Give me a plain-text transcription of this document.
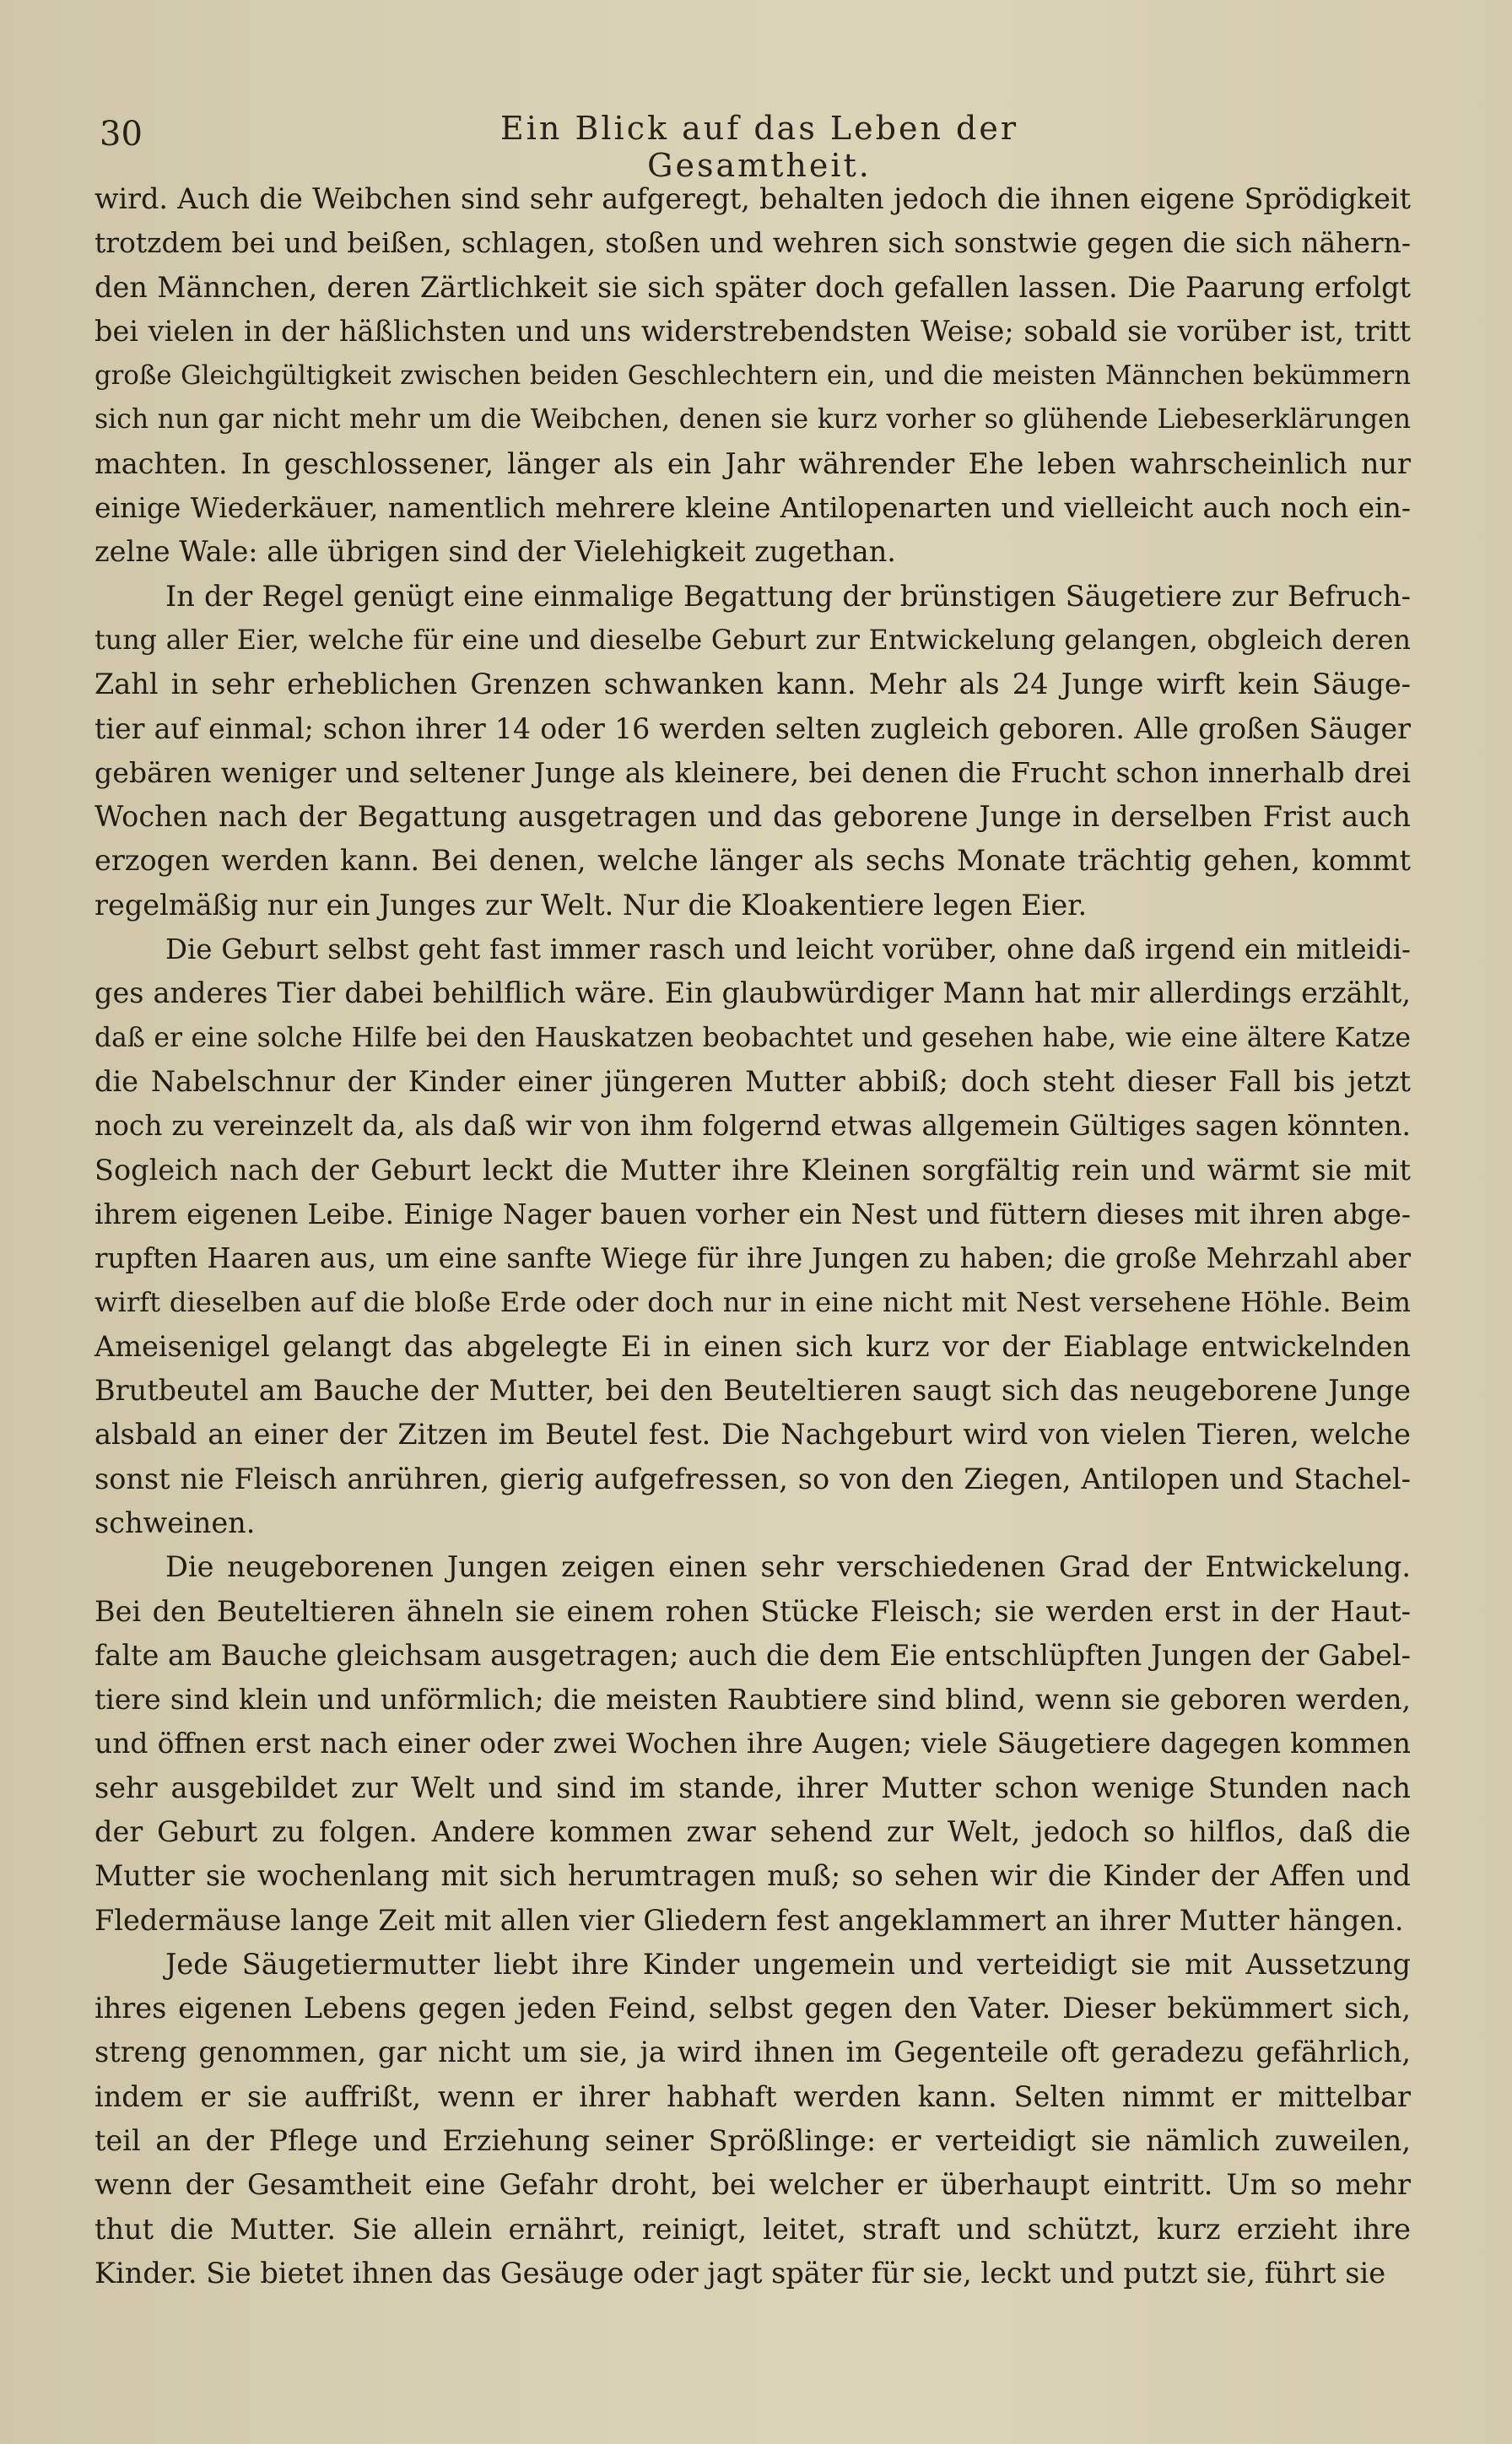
30	Ein Blick auf das Leben der Gesamtheit.
wird. Auch die Weibchen sind sehr aufgeregt, behalten jedoch die ihnen eigene Sprödigkeit
trotzdem bei und beißen, schlagen, stoßen und wehren sich sonstwie gegen die sich nähern-
den Männchen, deren Zärtlichkeit sie sich später doch gefallen lassen. Die Paarung erfolgt
bei vielen in der häßlichsten und uns widerstrebendsten Weise; sobald sie vorüber ist, tritt
große Gleichgültigkeit zwischen beiden Geschlechtern ein, und die meisten Männchen bekümmern
sich nun gar nicht mehr um die Weibchen, denen sie kurz vorher so glühende Liebeserklärungen
machten. In geschlossener, länger als ein Jahr währender Ehe leben wahrscheinlich nur
einige Wiederkäuer, namentlich mehrere kleine Antilopenarten und vielleicht auch noch ein-
zelne Wale: alle übrigen sind der Vielehigkeit zugethan.
In der Regel genügt eine einmalige Begattung der brünstigen Säugetiere zur Befruch-
tung aller Eier, welche für eine und dieselbe Geburt zur Entwickelung gelangen, obgleich deren
Zahl in sehr erheblichen Grenzen schwanken kann. Mehr als 24 Junge wirft kein Säuge-
tier auf einmal; schon ihrer 14 oder 16 werden selten zugleich geboren. Alle großen Säuger
gebären weniger und seltener Junge als kleinere, bei denen die Frucht schon innerhalb drei
Wochen nach der Begattung ausgetragen und das geborene Junge in derselben Frist auch
erzogen werden kann. Bei denen, welche länger als sechs Monate trächtig gehen, kommt
regelmäßig nur ein Junges zur Welt. Nur die Kloakentiere legen Eier.
Die Geburt selbst geht fast immer rasch und leicht vorüber, ohne daß irgend ein mitleidi-
ges anderes Tier dabei behilflich wäre. Ein glaubwürdiger Mann hat mir allerdings erzählt,
daß er eine solche Hilfe bei den Hauskatzen beobachtet und gesehen habe, wie eine ältere Katze
die Nabelschnur der Kinder einer jüngeren Mutter abbiß; doch steht dieser Fall bis jetzt
noch zu vereinzelt da, als daß wir von ihm folgernd etwas allgemein Gültiges sagen könnten.
Sogleich nach der Geburt leckt die Mutter ihre Kleinen sorgfältig rein und wärmt sie mit
ihrem eigenen Leibe. Einige Nager bauen vorher ein Nest und füttern dieses mit ihren abge-
rupften Haaren aus, um eine sanfte Wiege für ihre Jungen zu haben; die große Mehrzahl aber
wirft dieselben auf die bloße Erde oder doch nur in eine nicht mit Nest versehene Höhle. Beim
Ameisenigel gelangt das abgelegte Ei in einen sich kurz vor der Eiablage entwickelnden
Brutbeutel am Bauche der Mutter, bei den Beuteltieren saugt sich das neugeborene Junge
alsbald an einer der Zitzen im Beutel fest. Die Nachgeburt wird von vielen Tieren, welche
sonst nie Fleisch anrühren, gierig aufgefressen, so von den Ziegen, Antilopen und Stachel-
schweinen.
Die neugeborenen Jungen zeigen einen sehr verschiedenen Grad der Entwickelung.
Bei den Beuteltieren ähneln sie einem rohen Stücke Fleisch; sie werden erst in der Haut-
falte am Bauche gleichsam ausgetragen; auch die dem Eie entschlüpften Jungen der Gabel-
tiere sind klein und unförmlich; die meisten Raubtiere sind blind, wenn sie geboren werden,
und öffnen erst nach einer oder zwei Wochen ihre Augen; viele Säugetiere dagegen kommen
sehr ausgebildet zur Welt und sind im stande, ihrer Mutter schon wenige Stunden nach
der Geburt zu folgen. Andere kommen zwar sehend zur Welt, jedoch so hilflos, daß die
Mutter sie wochenlang mit sich herumtragen muß; so sehen wir die Kinder der Affen und
Fledermäuse lange Zeit mit allen vier Gliedern fest angeklammert an ihrer Mutter hängen.
Jede Säugetiermutter liebt ihre Kinder ungemein und verteidigt sie mit Aussetzung
ihres eigenen Lebens gegen jeden Feind, selbst gegen den Vater. Dieser bekümmert sich,
streng genommen, gar nicht um sie, ja wird ihnen im Gegenteile oft geradezu gefährlich,
indem er sie auffrißt, wenn er ihrer habhaft werden kann. Selten nimmt er mittelbar
teil an der Pflege und Erziehung seiner Sprößlinge: er verteidigt sie nämlich zuweilen,
wenn der Gesamtheit eine Gefahr droht, bei welcher er überhaupt eintritt. Um so mehr
thut die Mutter. Sie allein ernährt, reinigt, leitet, straft und schützt, kurz erzieht ihre
Kinder. Sie bietet ihnen das Gesäuge oder jagt später für sie, leckt und putzt sie, führt sie
